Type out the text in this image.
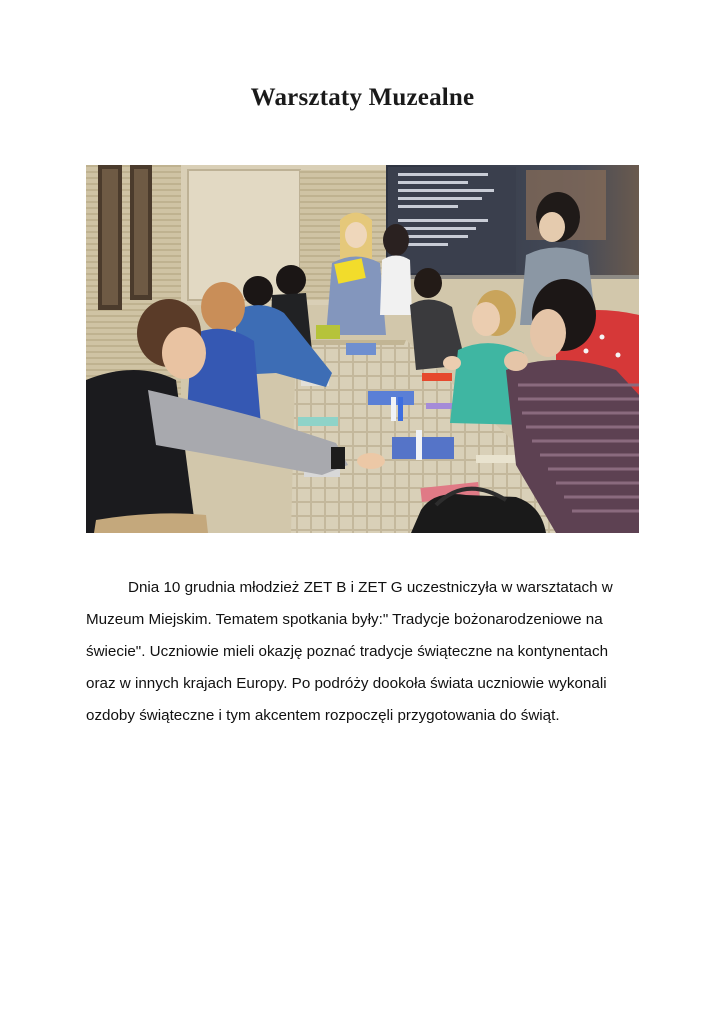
Warsztaty Muzealne

Dnia 10 grudnia młodzież ZET B i ZET G uczestniczyła w warsztatach w
Muzeum Miejskim. Tematem spotkania były:" Tradycje bożonarodzeniowe na
świecie". Uczniowie mieli okazję poznać tradycje świąteczne na kontynentach
oraz w innych krajach Europy. Po podróży dookoła świata uczniowie wykonali
ozdoby świąteczne i tym akcentem rozpoczęli przygotowania do świąt.
